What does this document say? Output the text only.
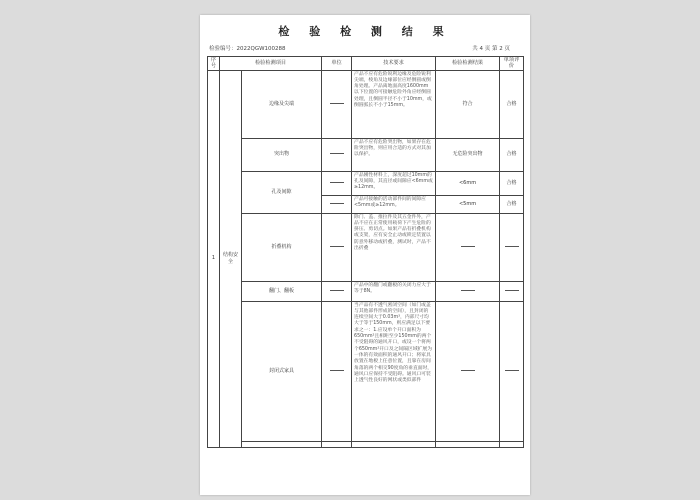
检 验 检 测 结 果
检验编号：2022QGW100288	共 4 页 第 2 页
序号	检验检测项目		单位	技术要求	检验检测结果	单项评价
1	结构安全	边缘及尖端		产品不应有危险锐利边缘及危险锐利尖端，棱角及边缘部位应经倒圆或倒角处理。产品离地面高度1600mm以下位置的可接触危险外角应经倒圆处理，且倒圆半径不小于10mm，或倒圆弧长不小于15mm。	符合	合格
		突出物		产品不应有危险突出物，如果存在危险突出物，则应用合适的方式对其加以保护。	无危险突出物	合格
		孔及间隙		产品刚性材料上，深度超过10mm的孔及间隙，其直径或间隙应<6mm或≥12mm。	<6mm	合格
				产品可接触的活动部件间的间隙应<5mm或≥12mm。	<5mm	合格
		折叠机构		除门、盖、推拉件及其五金件外，产品不应在正常使用载荷下产生危险的挤压、剪切点。如果产品有折叠机构或支架，应有安全止动或锁定装置以防意外移动或折叠，测试时，产品不出折叠		
		翻门、翻板		产品中的翻门或翻板的关闭力应大于等于8N。		
		封闭式家具		当产品有不透气密闭空间（如门或盖与其他部件形成的空间），且封闭的连续空间大于0.03m³，内部尺寸均大于等于150mm，则应满足以下要求之一：1.应设单个开口面积为650mm²且相距至少150mm的两个不受阻碍的通风开口，或设一个将两个650mm²开口及之间隔区域扩展为一体的有效面积的通风开口；将家具放置在地板上任意位置，且靠在房间角落的两个相交90度角的垂直面时，通风口应保持不受阻碍。通风口可装上透气性良好的网状或类似部件		
